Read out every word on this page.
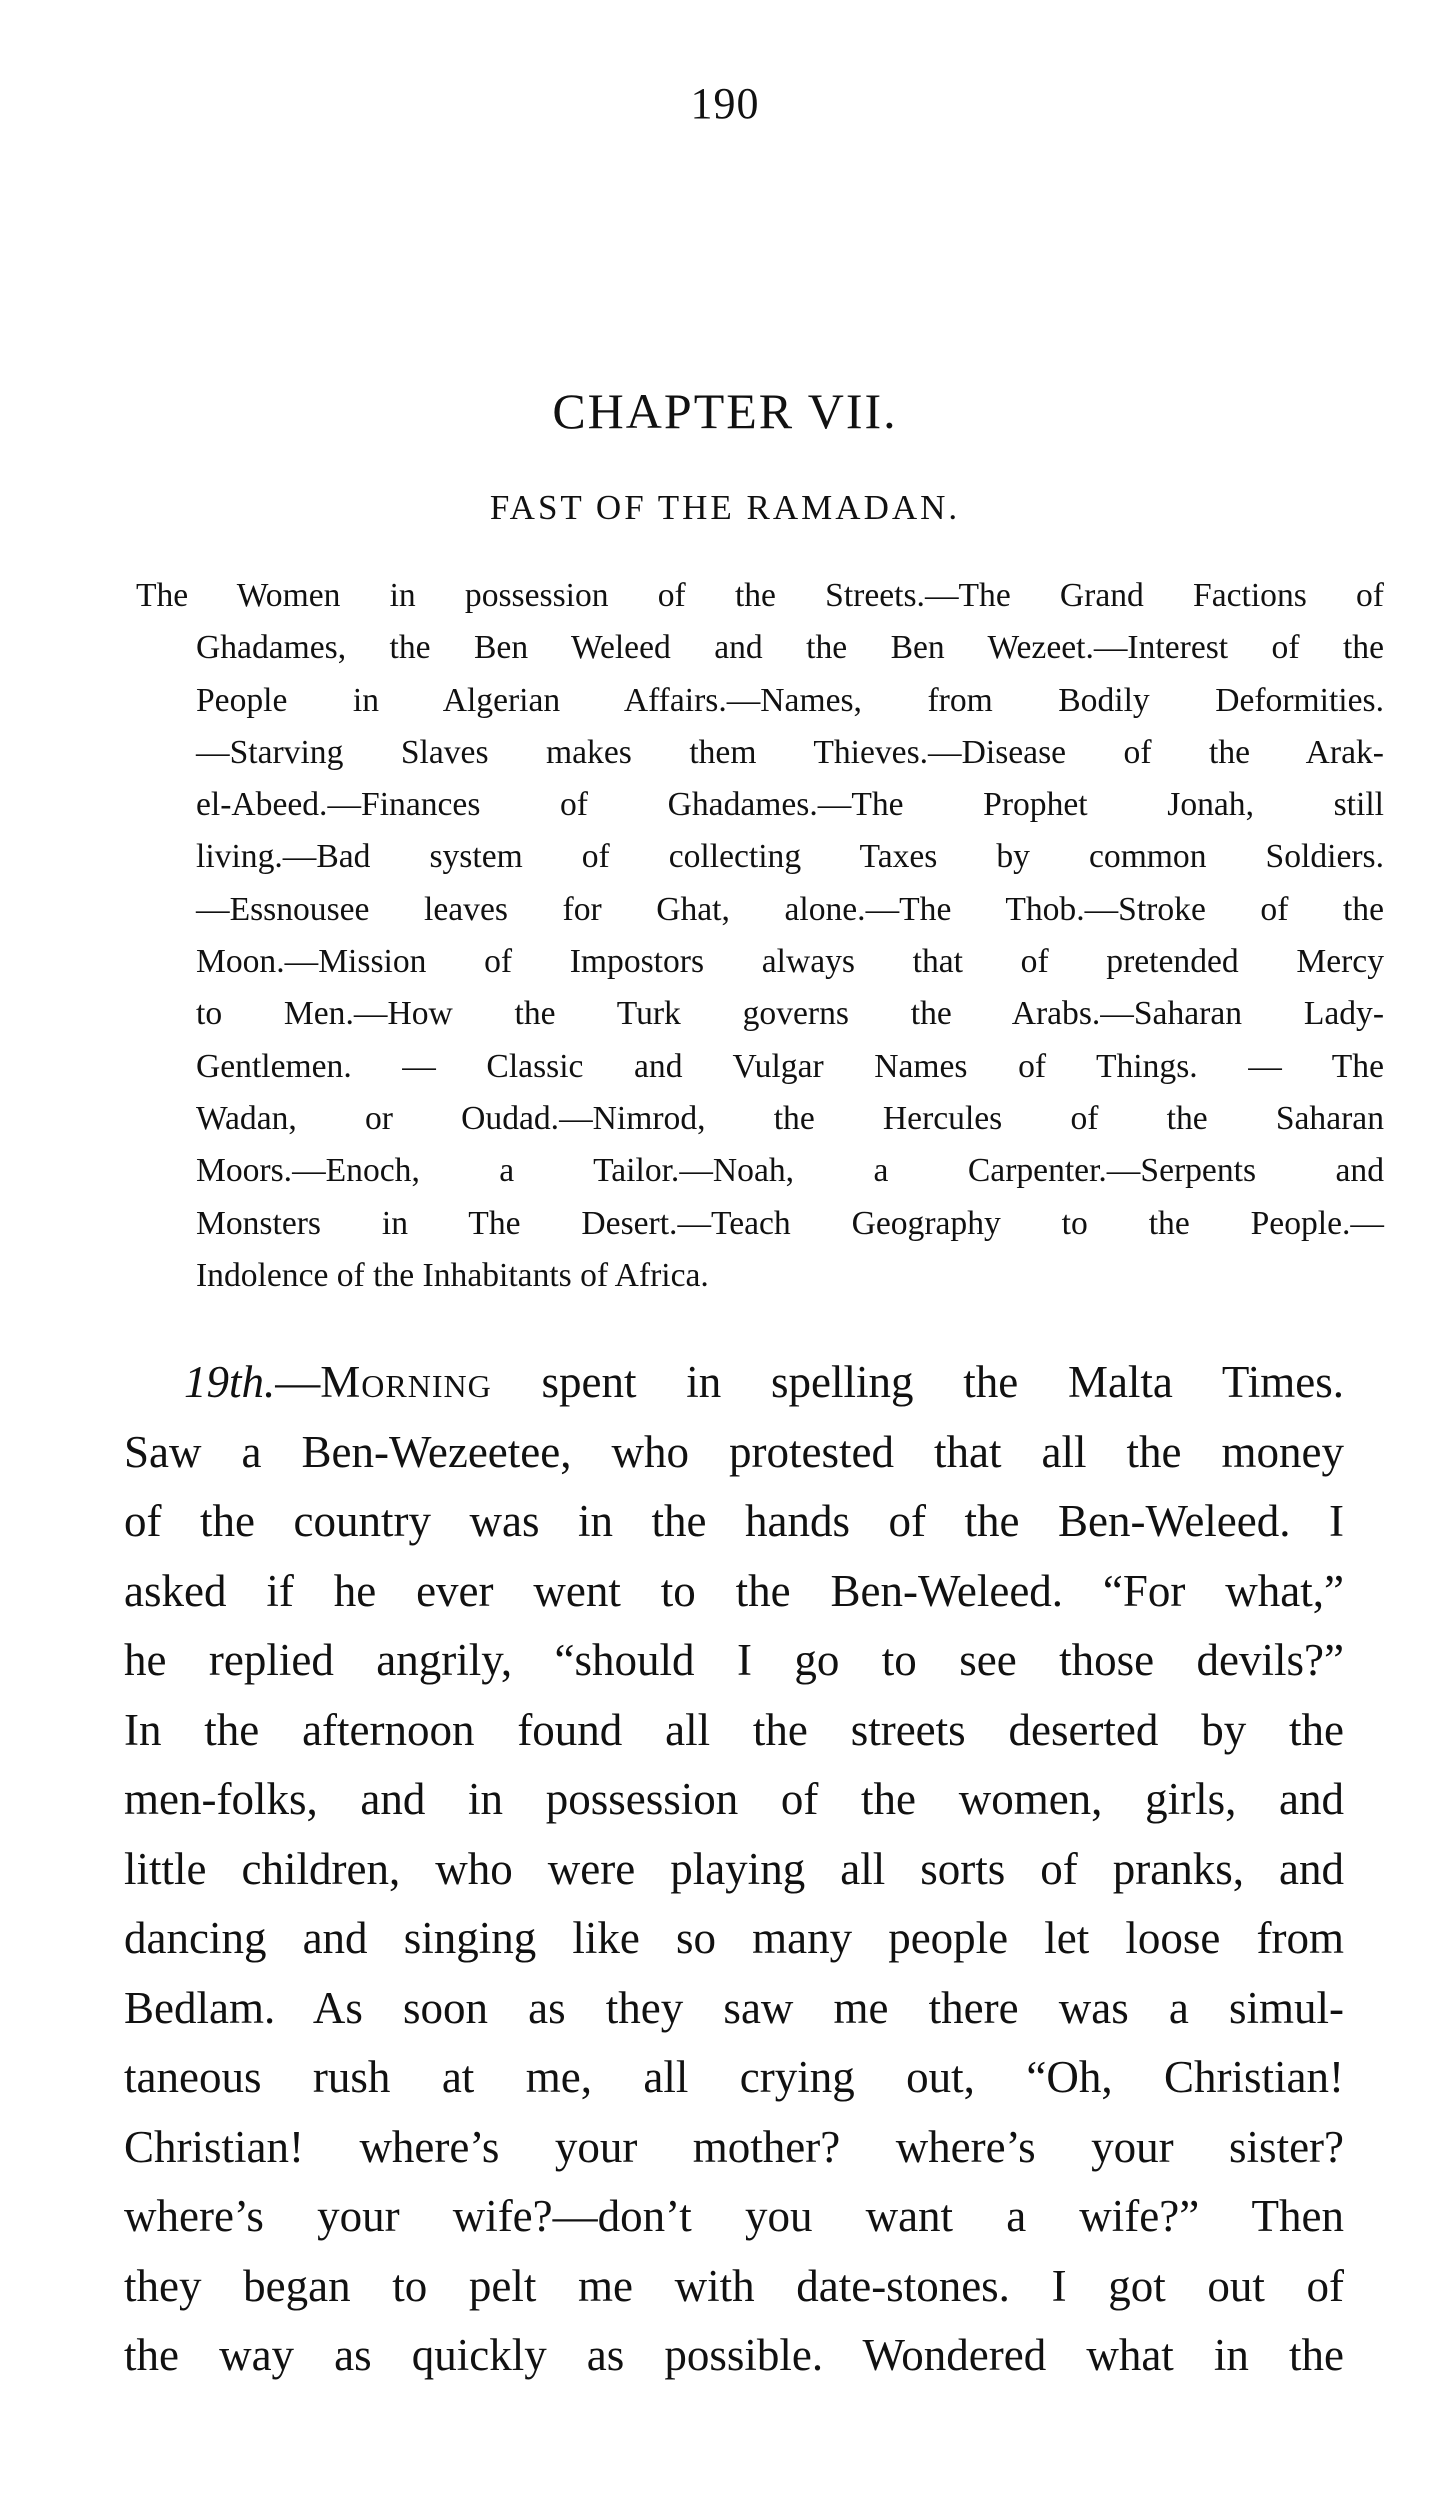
190
CHAPTER VII.
FAST OF THE RAMADAN.
The Women in possession of the Streets.—The Grand Factions of
Ghadames, the Ben Weleed and the Ben Wezeet.—Interest of the
People in Algerian Affairs.—Names, from Bodily Deformities.
—Starving Slaves makes them Thieves.—Disease of the Arak-
el-Abeed.—Finances of Ghadames.—The Prophet Jonah, still
living.—Bad system of collecting Taxes by common Soldiers.
—Essnousee leaves for Ghat, alone.—The Thob.—Stroke of the
Moon.—Mission of Impostors always that of pretended Mercy
to Men.—How the Turk governs the Arabs.—Saharan Lady-
Gentlemen. — Classic and Vulgar Names of Things. — The
Wadan, or Oudad.—Nimrod, the Hercules of the Saharan
Moors.—Enoch, a Tailor.—Noah, a Carpenter.—Serpents and
Monsters in The Desert.—Teach Geography to the People.—
Indolence of the Inhabitants of Africa.
19th.—Morning spent in spelling the Malta Times.
Saw a Ben-Wezeetee, who protested that all the money
of the country was in the hands of the Ben-Weleed. I
asked if he ever went to the Ben-Weleed. “For what,”
he replied angrily, “should I go to see those devils?”
In the afternoon found all the streets deserted by the
men-folks, and in possession of the women, girls, and
little children, who were playing all sorts of pranks, and
dancing and singing like so many people let loose from
Bedlam. As soon as they saw me there was a simul-
taneous rush at me, all crying out, “Oh, Christian!
Christian! where’s your mother? where’s your sister?
where’s your wife?—don’t you want a wife?” Then
they began to pelt me with date-stones. I got out of
the way as quickly as possible. Wondered what in the
